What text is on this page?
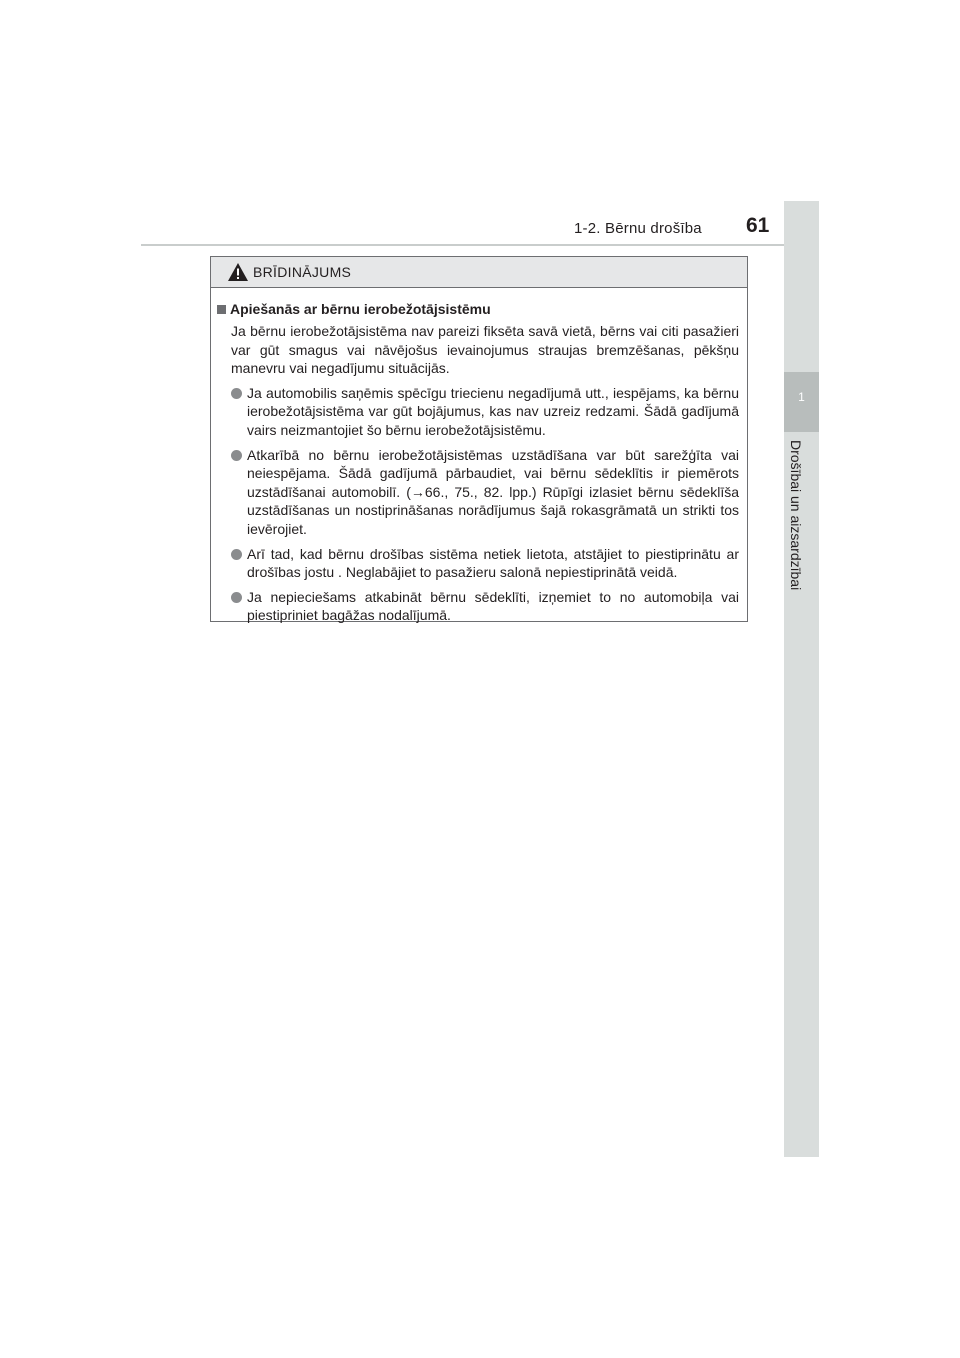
1-2. Bērnu drošība 61
1
Drošībai un aizsardzībai
BRĪDINĀJUMS
Apiešanās ar bērnu ierobežotājsistēmu

Ja bērnu ierobežotājsistēma nav pareizi fiksēta savā vietā, bērns vai citi pasažieri var gūt smagus vai nāvējošus ievainojumus straujas bremzēšanas, pēkšņu manevru vai negadījumu situācijās.

Ja automobilis saņēmis spēcīgu triecienu negadījumā utt., iespējams, ka bērnu ierobežotājsistēma var gūt bojājumus, kas nav uzreiz redzami. Šādā gadījumā vairs neizmantojiet šo bērnu ierobežotājsistēmu.
Atkarībā no bērnu ierobežotājsistēmas uzstādīšana var būt sarežģīta vai neiespējama. Šādā gadījumā pārbaudiet, vai bērnu sēdeklītis ir piemērots uzstādīšanai automobilī. (→66., 75., 82. lpp.) Rūpīgi izlasiet bērnu sēdeklīša uzstādīšanas un nostiprināšanas norādījumus šajā rokasgrāmatā un strikti tos ievērojiet.
Arī tad, kad bērnu drošības sistēma netiek lietota, atstājiet to piestiprinātu ar drošības jostu . Neglabājiet to pasažieru salonā nepiestiprinātā veidā.
Ja nepieciešams atkabināt bērnu sēdeklīti, izņemiet to no automobiļa vai piestipriniet bagāžas nodalījumā.
